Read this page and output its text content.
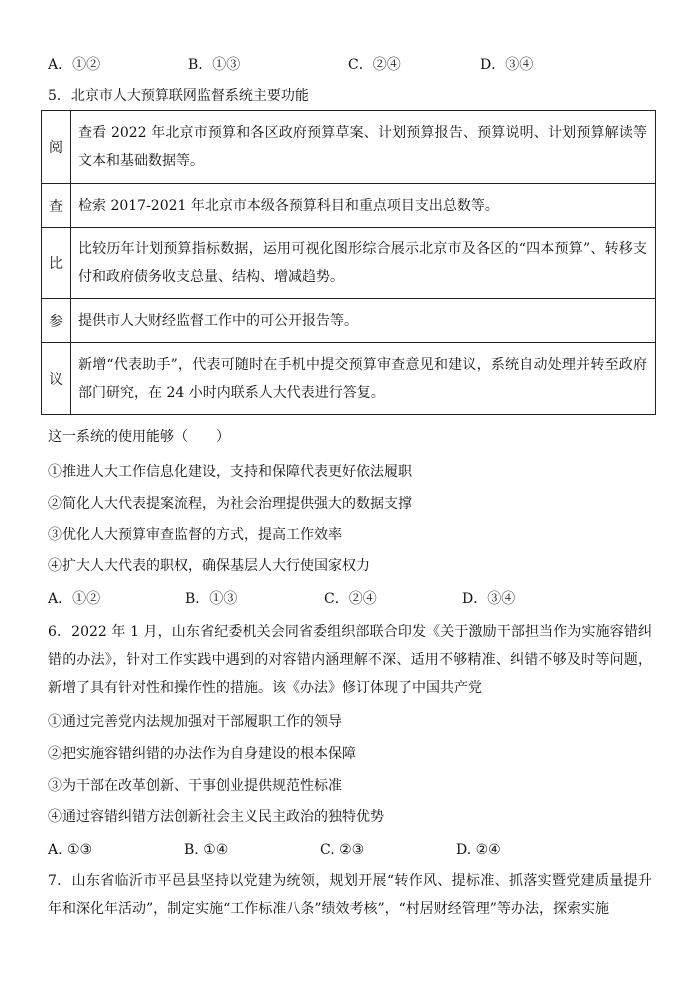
A．①②	B．①③	C．②④	D．③④
5．北京市人大预算联网监督系统主要功能
阅	查看 2022 年北京市预算和各区政府预算草案、计划预算报告、预算说明、计划预算解读等文本和基础数据等。
查	检索 2017-2021 年北京市本级各预算科目和重点项目支出总数等。
比	比较历年计划预算指标数据，运用可视化图形综合展示北京市及各区的“四本预算”、转移支付和政府债务收支总量、结构、增减趋势。
参	提供市人大财经监督工作中的可公开报告等。
议	新增“代表助手”，代表可随时在手机中提交预算审查意见和建议，系统自动处理并转至政府部门研究，在 24 小时内联系人大代表进行答复。
这一系统的使用能够（　　）
①推进人大工作信息化建设，支持和保障代表更好依法履职
②简化人大代表提案流程，为社会治理提供强大的数据支撑
③优化人大预算审查监督的方式，提高工作效率
④扩大人大代表的职权，确保基层人大行使国家权力
A．①②	B．①③	C．②④	D．③④
6．2022 年 1 月，山东省纪委机关会同省委组织部联合印发《关于激励干部担当作为实施容错纠错的办法》，针对工作实践中遇到的对容错内涵理解不深、适用不够精准、纠错不够及时等问题，新增了具有针对性和操作性的措施。该《办法》修订体现了中国共产党
①通过完善党内法规加强对干部履职工作的领导
②把实施容错纠错的办法作为自身建设的根本保障
③为干部在改革创新、干事创业提供规范性标准
④通过容错纠错方法创新社会主义民主政治的独特优势
A. ①③	B. ①④	C. ②③	D. ②④
7．山东省临沂市平邑县坚持以党建为统领，规划开展“转作风、提标准、抓落实暨党建质量提升年和深化年活动”，制定实施“工作标准八条”绩效考核”，“村居财经管理”等办法，探索实施
